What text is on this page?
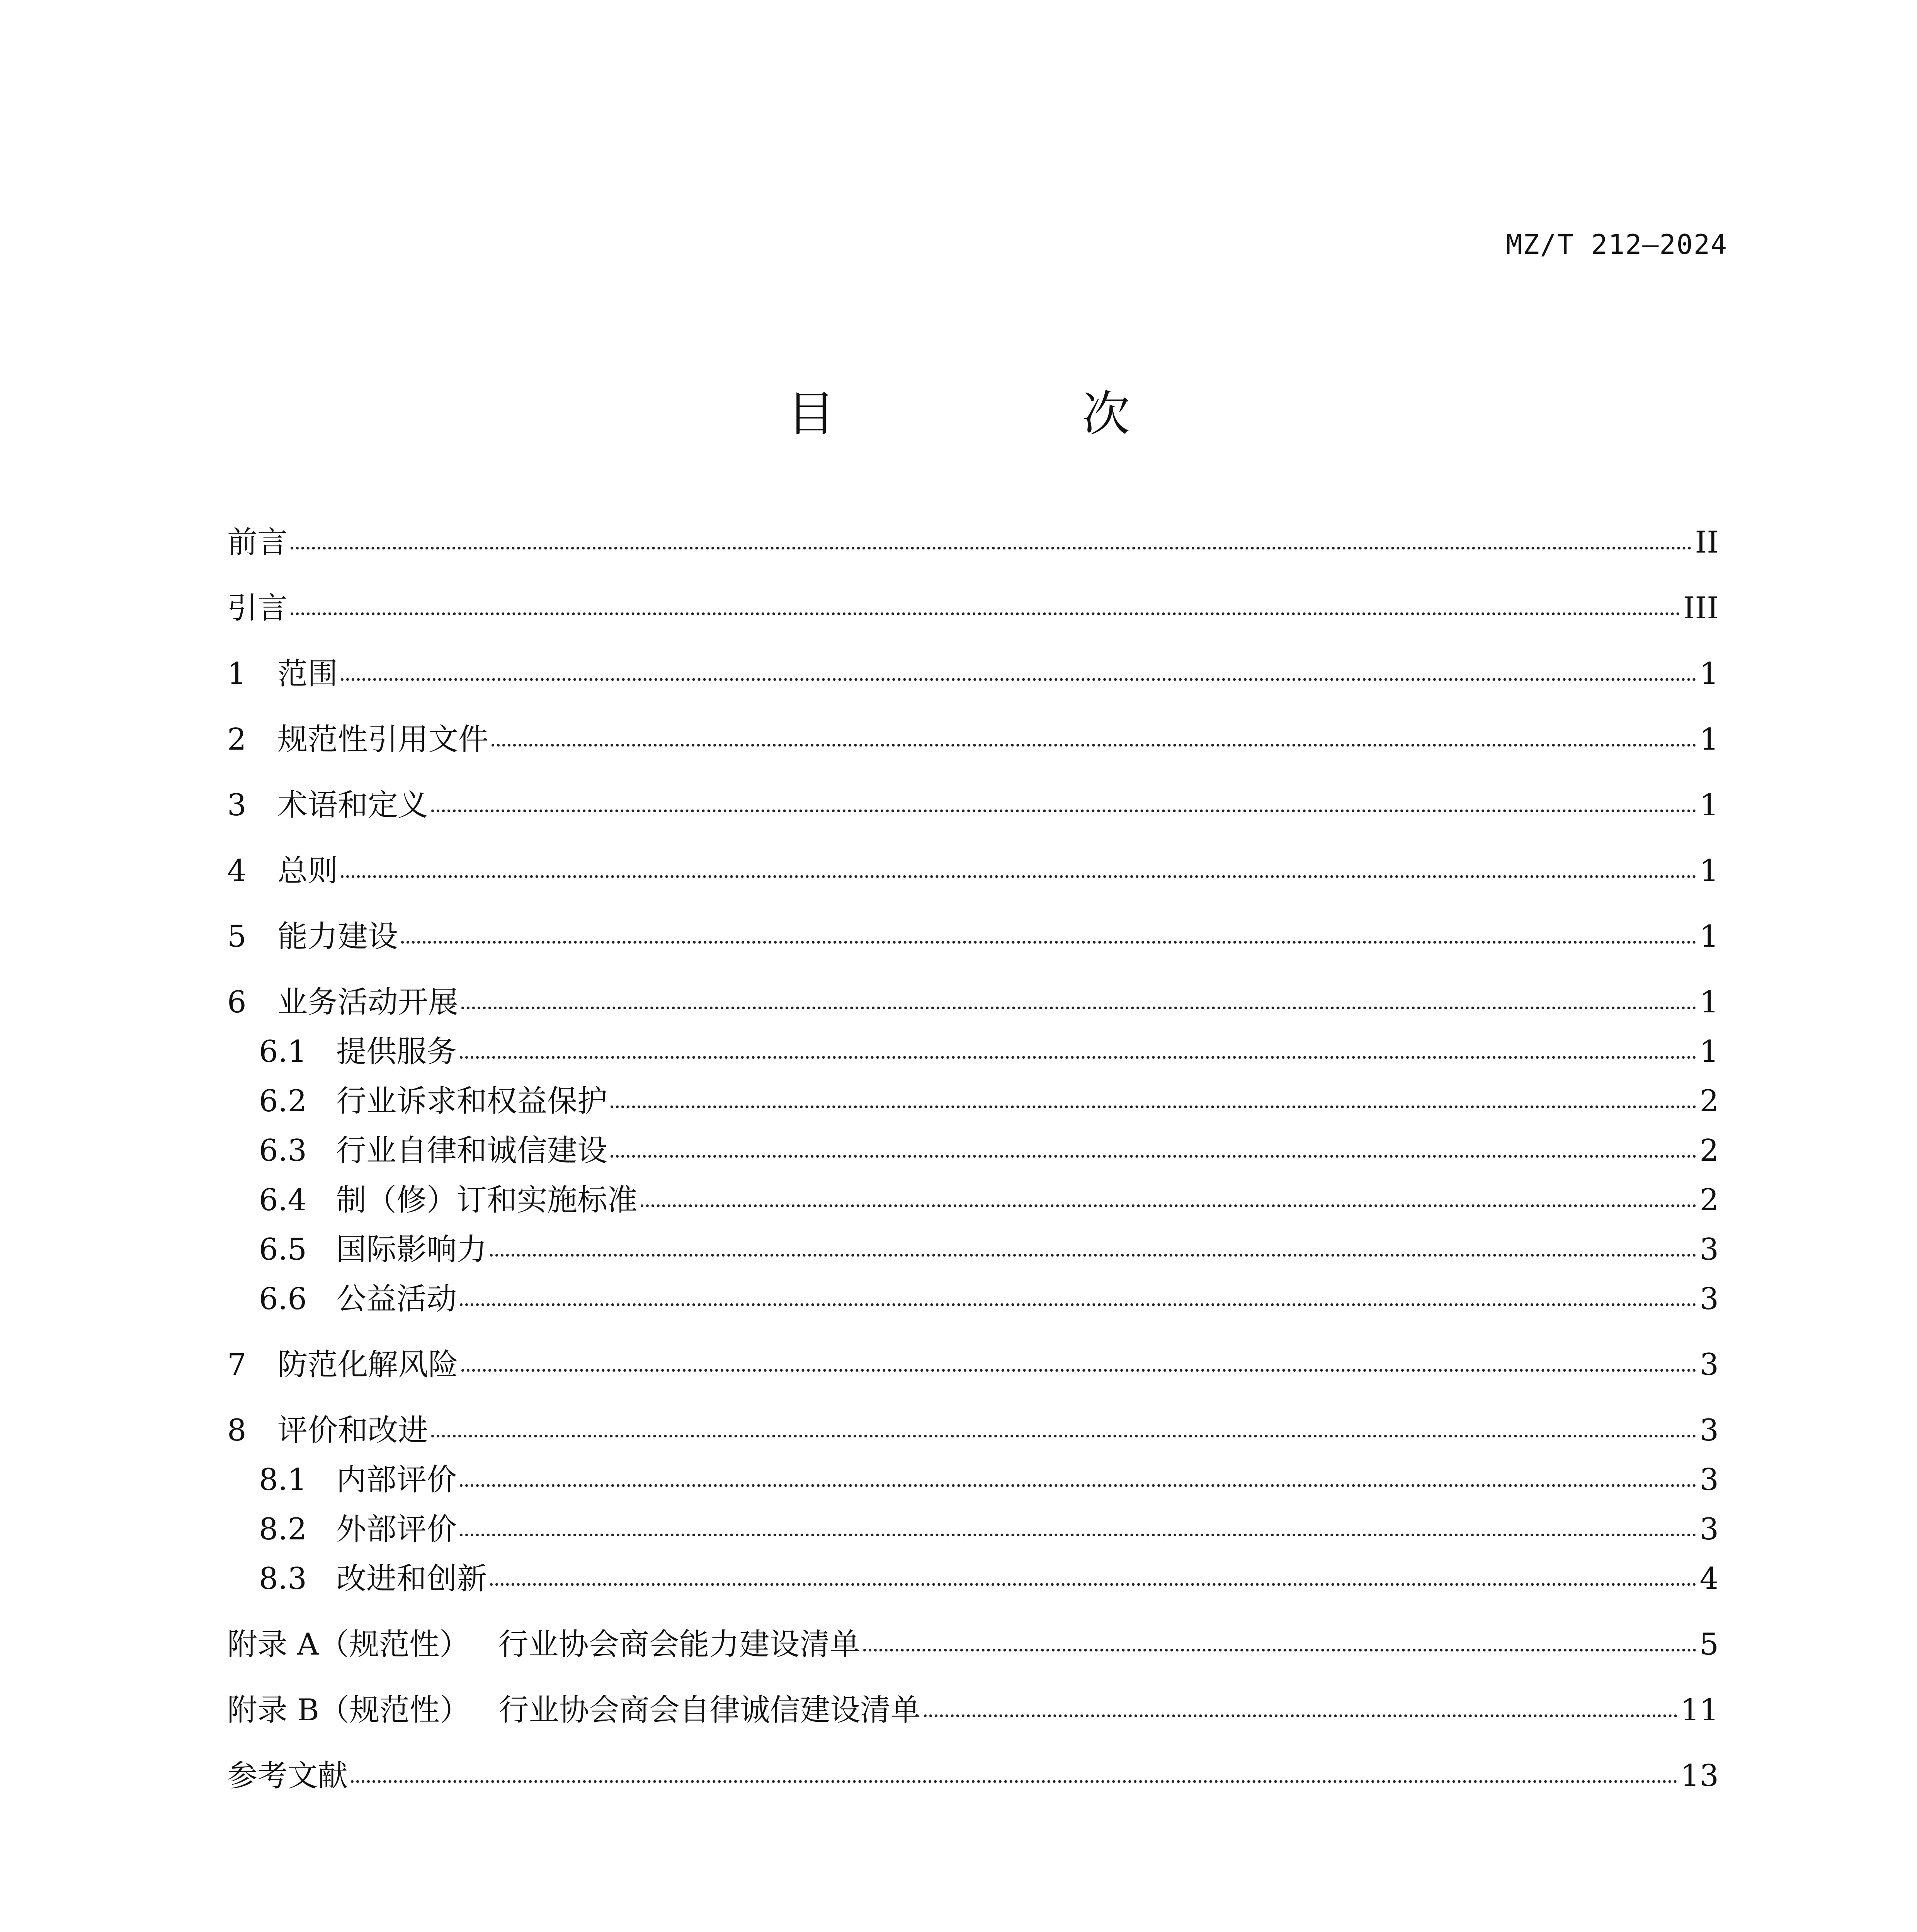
MZ/T 212—2024
目 次
前言	II
引言	III
1	范围	1
2	规范性引用文件	1
3	术语和定义	1
4	总则	1
5	能力建设	1
6	业务活动开展	1
6.1 提供服务	1
6.2 行业诉求和权益保护	2
6.3 行业自律和诚信建设	2
6.4 制（修）订和实施标准	2
6.5 国际影响力	3
6.6 公益活动	3
7	防范化解风险	3
8	评价和改进	3
8.1 内部评价	3
8.2 外部评价	3
8.3 改进和创新	4
附录 A（规范性）   行业协会商会能力建设清单	5
附录 B（规范性）   行业协会商会自律诚信建设清单	11
参考文献	13
